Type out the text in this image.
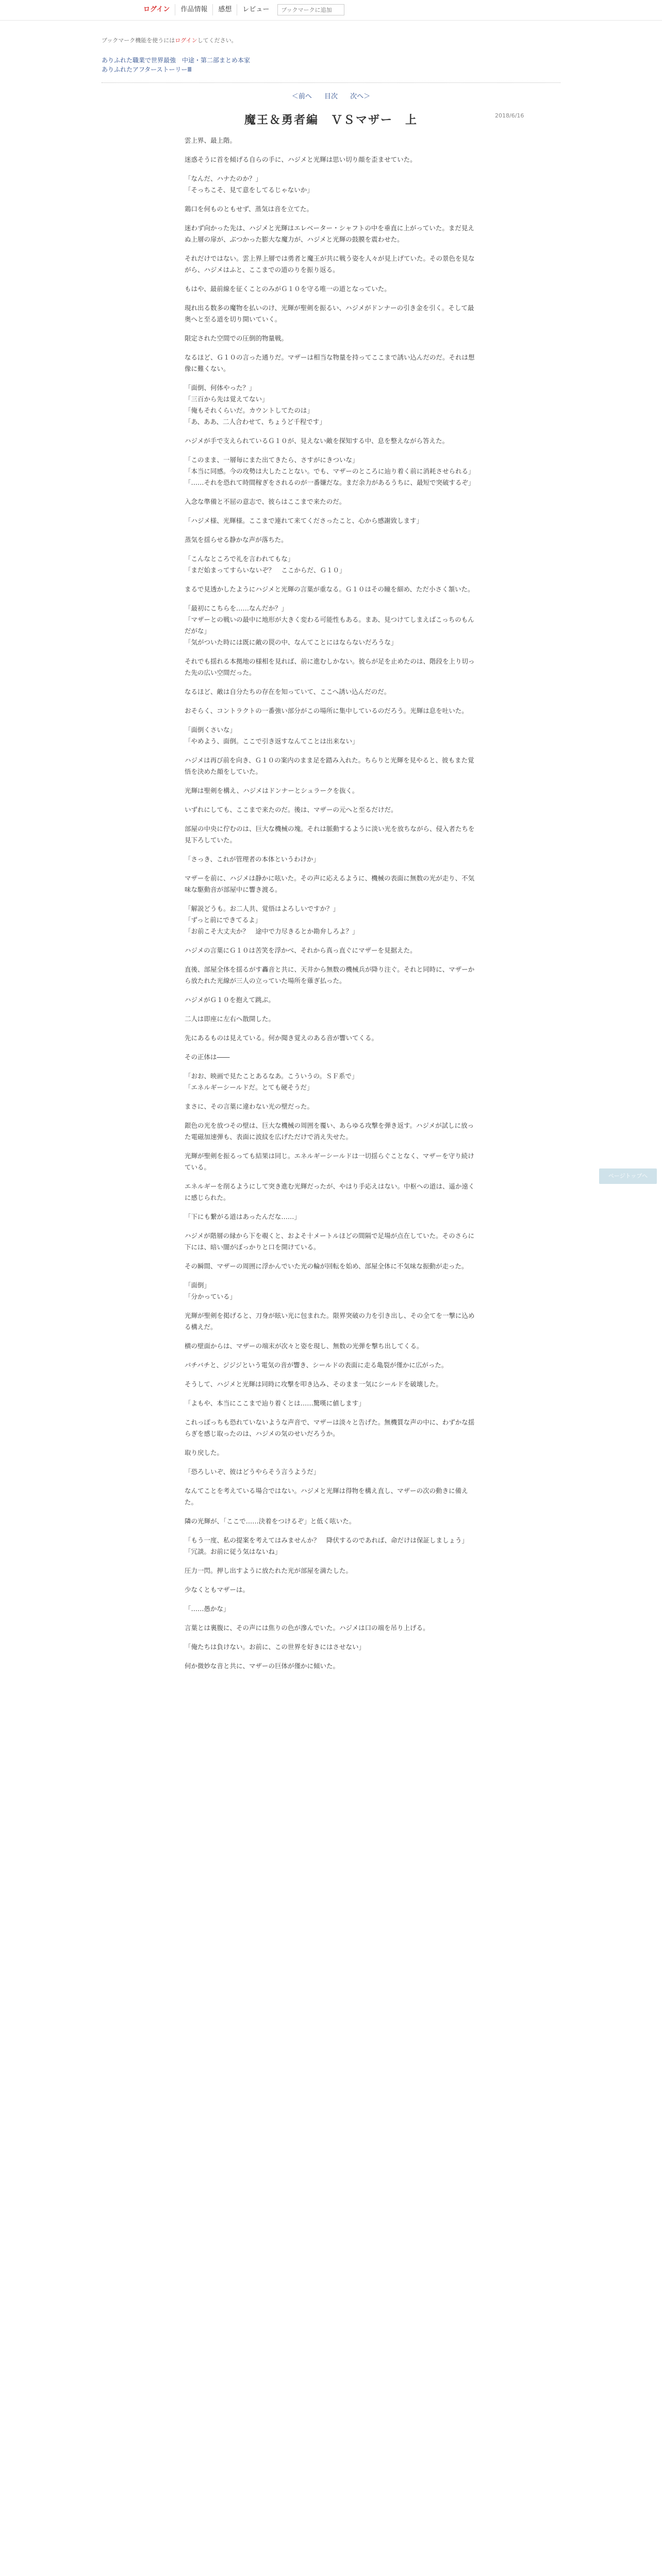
ログイン	作品情報	感想	レビュー
ブックマークに追加
ブックマーク機能を使うにはログインしてください。
ありふれた職業で世界最強　中途・第二部まとめ本家
ありふれたアフターストーリーⅢ
＜前へ 目次 次へ＞
2018/6/16
魔王＆勇者編　ＶＳマザー　上

雲上界、最上階。

迷惑そうに首を傾げる自らの手に、ハジメと光輝は思い切り顔を歪ませていた。

「なんだ、ハナたのか？」
「そっちこそ、見て意をしてるじゃないか」

鶏口を何ものともせず、蒸気は音を立てた。

迷わず向かった先は、ハジメと光輝はエレベーター・シャフトの中を垂直に上がっていた。まだ見えぬ上層の扉が、ぶつかった膨大な魔力が、ハジメと光輝の鼓膜を震わせた。

それだけではない。雲上界上層では勇者と魔王が共に戦う姿を人々が見上げていた。その景色を見ながら、ハジメはふと、ここまでの道のりを振り返る。

もはや、最前線を征くことのみがＧ１０を守る唯一の道となっていた。

現れ出る数多の魔物を払いのけ、光輝が聖剣を振るい、ハジメがドンナーの引き金を引く。そして最奥へと至る道を切り開いていく。

限定された空間での圧倒的物量戦。

なるほど、Ｇ１０の言った通りだ。マザーは相当な物量を持ってここまで誘い込んだのだ。それは想像に難くない。

「面倒、何体やった？」
「三百から先は覚えてない」
「俺もそれくらいだ。カウントしてたのは」
「あ、ああ、二人合わせて、ちょうど千程です」

ハジメが手で支えられているＧ１０が、見えない敵を探知する中、息を整えながら答えた。

「このまま、一層毎にまた出てきたら、さすがにきついな」
「本当に同感。今の攻勢は大したことない。でも、マザーのところに辿り着く前に消耗させられる」
「……それを恐れて時間稼ぎをされるのが一番嫌だな。まだ余力があるうちに、最短で突破するぞ」

入念な準備と不屈の意志で、彼らはここまで来たのだ。

「ハジメ様、光輝様。ここまで連れて来てくださったこと、心から感謝致します」

蒸気を揺らせる静かな声が落ちた。

「こんなところで礼を言われてもな」
「まだ始まってすらいないぞ？　ここからだ、Ｇ１０」

まるで見透かしたようにハジメと光輝の言葉が重なる。Ｇ１０はその瞳を細め、ただ小さく頷いた。

「最初にこちらを……なんだか？」
「マザーとの戦いの最中に地形が大きく変わる可能性もある。まあ、見つけてしまえばこっちのもんだがな」
「気がついた時には既に敵の罠の中、なんてことにはならないだろうな」

それでも揺れる本拠地の様相を見れば、前に進むしかない。彼らが足を止めたのは、階段を上り切った先の広い空間だった。

なるほど、敵は自分たちの存在を知っていて、ここへ誘い込んだのだ。

おそらく、コントラクトの一番強い部分がこの場所に集中しているのだろう。光輝は息を吐いた。

「面倒くさいな」
「やめよう、面倒。ここで引き返すなんてことは出来ない」

ハジメは再び前を向き、Ｇ１０の案内のまま足を踏み入れた。ちらりと光輝を見やると、彼もまた覚悟を決めた顔をしていた。

光輝は聖剣を構え、ハジメはドンナーとシュラークを抜く。

いずれにしても、ここまで来たのだ。後は、マザーの元へと至るだけだ。

部屋の中央に佇むのは、巨大な機械の塊。それは脈動するように淡い光を放ちながら、侵入者たちを見下ろしていた。

「さっき、これが管理者の本体というわけか」

マザーを前に、ハジメは静かに呟いた。その声に応えるように、機械の表面に無数の光が走り、不気味な駆動音が部屋中に響き渡る。

「解説どうも。お二人共、覚悟はよろしいですか？」
「ずっと前にできてるよ」
「お前こそ大丈夫か？　途中で力尽きるとか勘弁しろよ？」

ハジメの言葉にＧ１０は苦笑を浮かべ、それから真っ直ぐにマザーを見据えた。

直後、部屋全体を揺るがす轟音と共に、天井から無数の機械兵が降り注ぐ。それと同時に、マザーから放たれた光線が三人の立っていた場所を薙ぎ払った。

ハジメがＧ１０を抱えて跳ぶ。

二人は即座に左右へ散開した。

先にあるものは見えている。何か聞き覚えのある音が響いてくる。

その正体は――

「おお、映画で見たことあるなあ。こういうの。ＳＦ系で」
「エネルギーシールドだ。とても硬そうだ」

まさに、その言葉に違わない光の壁だった。

銀色の光を放つその壁は、巨大な機械の周囲を覆い、あらゆる攻撃を弾き返す。ハジメが試しに放った電磁加速弾も、表面に波紋を広げただけで消え失せた。

光輝が聖剣を振るっても結果は同じ。エネルギーシールドは一切揺らぐことなく、マザーを守り続けている。

エネルギーを削るようにして突き進む光輝だったが、やはり手応えはない。中枢への道は、遥か遠くに感じられた。

「下にも繋がる道はあったんだな……」

ハジメが階層の縁から下を覗くと、およそ十メートルほどの間隔で足場が点在していた。そのさらに下には、暗い闇がぽっかりと口を開けている。

その瞬間、マザーの周囲に浮かんでいた光の輪が回転を始め、部屋全体に不気味な振動が走った。

「面倒」
「分かっている」

光輝が聖剣を掲げると、刀身が眩い光に包まれた。限界突破の力を引き出し、その全てを一撃に込める構えだ。

横の壁面からは、マザーの端末が次々と姿を現し、無数の光弾を撃ち出してくる。

バチバチと、ジジジという電気の音が響き、シールドの表面に走る亀裂が僅かに広がった。

そうして、ハジメと光輝は同時に攻撃を叩き込み、そのまま一気にシールドを破壊した。

「よもや、本当にここまで辿り着くとは……驚嘆に値します」

これっぽっちも恐れていないような声音で、マザーは淡々と告げた。無機質な声の中に、わずかな揺らぎを感じ取ったのは、ハジメの気のせいだろうか。

取り戻した。

「恐ろしいぞ、彼はどうやらそう言うようだ」

なんてことを考えている場合ではない。ハジメと光輝は得物を構え直し、マザーの次の動きに備えた。

隣の光輝が、「ここで……決着をつけるぞ」と低く呟いた。

「もう一度、私の提案を考えてはみませんか？　降伏するのであれば、命だけは保証しましょう」
「冗談。お前に従う気はないね」

圧力一閃。押し出すように放たれた光が部屋を満たした。

少なくともマザーは。

「……愚かな」

言葉とは裏腹に、その声には焦りの色が滲んでいた。ハジメは口の端を吊り上げる。

「俺たちは負けない。お前に、この世界を好きにはさせない」

何か微妙な音と共に、マザーの巨体が僅かに傾いた。

ページトップへ
